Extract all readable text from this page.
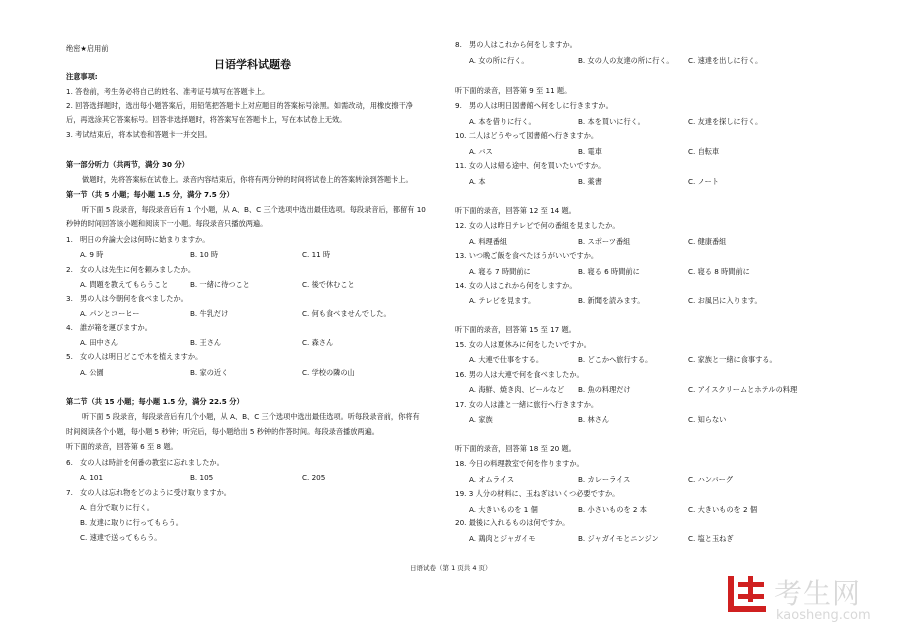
绝密★启用前
日语学科试题卷
注意事项:
1. 答卷前，考生务必将自己的姓名、准考证号填写在答题卡上。
2. 回答选择题时，选出每小题答案后，用铅笔把答题卡上对应题目的答案标号涂黑。如需改动，用橡皮擦干净
后，再选涂其它答案标号。回答非选择题时，将答案写在答题卡上，写在本试卷上无效。
3. 考试结束后，将本试卷和答题卡一并交回。
第一部分听力（共两节，满分 30 分）
做题时，先将答案标在试卷上。录音内容结束后，你将有两分钟的时间将试卷上的答案转涂到答题卡上。
第一节（共 5 小题；每小题 1.5 分，满分 7.5 分）
听下面 5 段录音，每段录音后有 1 个小题，从 A、B、C 三个选项中选出最佳选项。每段录音后，都留有 10
秒钟的时间回答该小题和阅读下一小题。每段录音只播放两遍。
1.　明日の弁論大会は何時に始まりますか。
A. 9 時	B. 10 時	C. 11 時
2.　女の人は先生に何を頼みましたか。
A. 問題を教えてもらうこと	B. 一緒に待つこと	C. 後で休むこと
3.　男の人は今朝何を食べましたか。
A. パンとコーヒー	B. 牛乳だけ	C. 何も食べませんでした。
4.　誰が箱を運びますか。
A. 田中さん	B. 王さん	C. 森さん
5.　女の人は明日どこで木を植えますか。
A. 公園	B. 家の近く	C. 学校の隣の山
第二节（共 15 小题；每小题 1.5 分，满分 22.5 分）
听下面 5 段录音，每段录音后有几个小题，从 A、B、C 三个选项中选出最佳选项。听每段录音前，你将有
时间阅读各个小题，每小题 5 秒钟；听完后，每小题给出 5 秒钟的作答时间。每段录音播放两遍。
听下面的录音，回答第 6 至 8 题。
6.　女の人は時計を何番の教室に忘れましたか。
A. 101	B. 105	C. 205
7.　女の人は忘れ物をどのように受け取りますか。
A. 自分で取りに行く。
B. 友達に取りに行ってもらう。
C. 速達で送ってもらう。
8.　男の人はこれから何をしますか。
A. 女の所に行く。	B. 女の人の友達の所に行く。 C. 速達を出しに行く。
听下面的录音，回答第 9 至 11 题。
9.　男の人は明日図書館へ何をしに行きますか。
A. 本を借りに行く。	B. 本を買いに行く。	C. 友達を探しに行く。
10. 二人はどうやって図書館へ行きますか。
A. バス	B. 電車	C. 自転車
11. 女の人は帰る途中、何を買いたいですか。
A. 本	B. 薬書	C. ノート
听下面的录音，回答第 12 至 14 题。
12. 女の人は昨日テレビで何の番組を見ましたか。
A. 料理番組	B. スポーツ番組	C. 健康番組
13. いつ晩ご飯を食べたほうがいいですか。
A. 寝る 7 時間前に	B. 寝る 6 時間前に	C. 寝る 8 時間前に
14. 女の人はこれから何をしますか。
A. テレビを見ます。	B. 新聞を読みます。	C. お風呂に入ります。
听下面的录音，回答第 15 至 17 题。
15. 女の人は夏休みに何をしたいですか。
A. 大連で仕事をする。	B. どこかへ旅行する。	C. 家族と一緒に食事する。
16. 男の人は大連で何を食べましたか。
A. 海鮮、焼き肉、ビールなど B. 魚の料理だけ	C. アイスクリームとホテルの料理
17. 女の人は誰と一緒に旅行へ行きますか。
A. 家族	B. 林さん	C. 知らない
听下面的录音，回答第 18 至 20 题。
18. 今日の料理教室で何を作りますか。
A. オムライス	B. カレーライス	C. ハンバーグ
19. 3 人分の材料に、玉ねぎはいくつ必要ですか。
A. 大きいものを 1 個	B. 小さいものを 2 本	C. 大きいものを 2 個
20. 最後に入れるものは何ですか。
A. 鶏肉とジャガイモ	B. ジャガイモとニンジン	C. 塩と玉ねぎ
日语试卷（第 1 页共 4 页）
考生网
kaosheng.com
